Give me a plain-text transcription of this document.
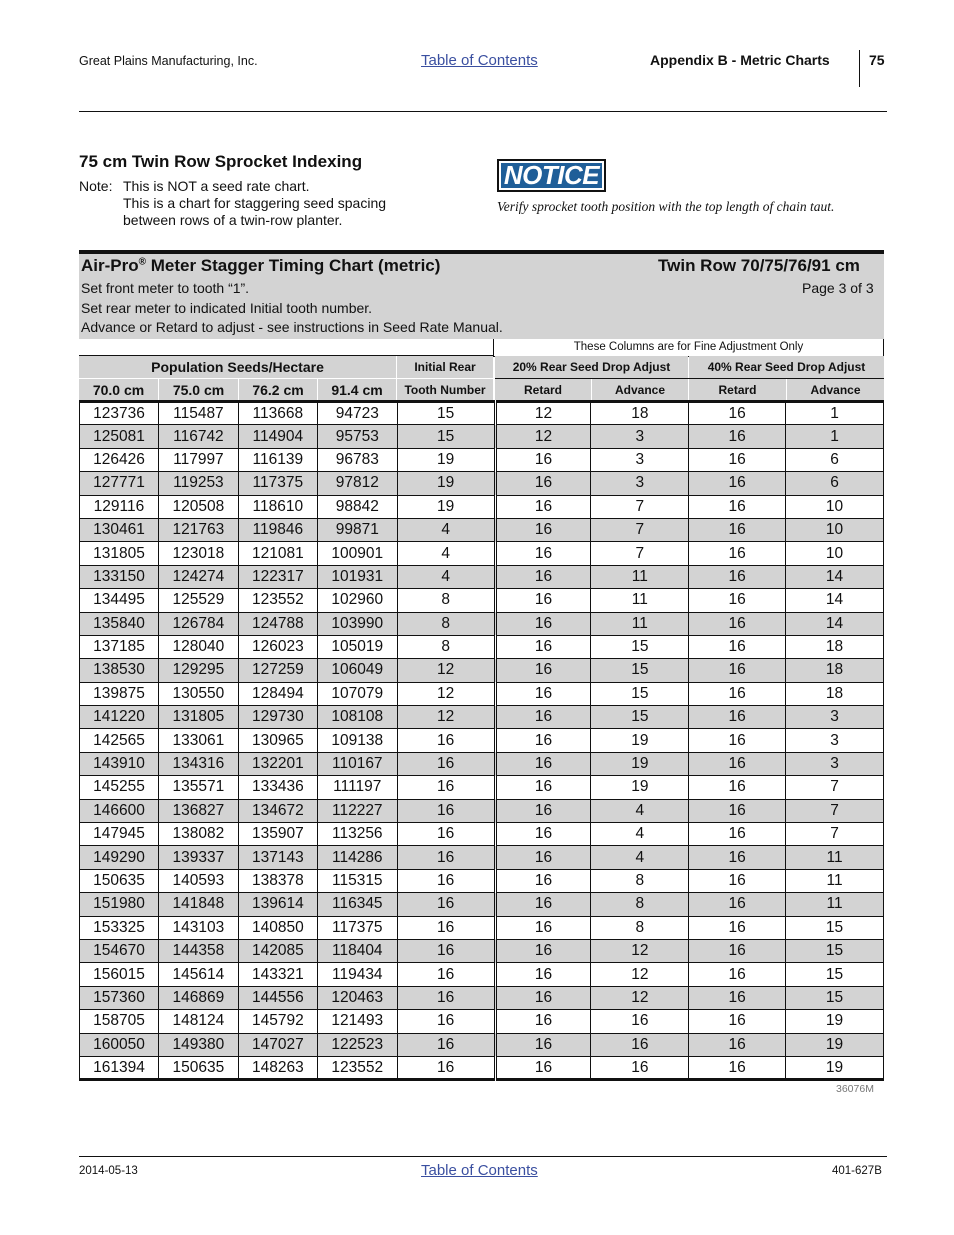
Great Plains Manufacturing, Inc.	Table of Contents	Appendix B - Metric Charts	75
75 cm Twin Row Sprocket Indexing
Note: This is NOT a seed rate chart.
This is a chart for staggering seed spacing
between rows of a twin-row planter.
NOTICE
Verify sprocket tooth position with the top length of chain taut.
Air-Pro® Meter Stagger Timing Chart (metric)	Twin Row 70/75/76/91 cm
Set front meter to tooth “1”.	Page 3 of 3
Set rear meter to indicated Initial tooth number.
Advance or Retard to adjust - see instructions in Seed Rate Manual.
These Columns are for Fine Adjustment Only
Population Seeds/Hectare	Initial Rear	20% Rear Seed Drop Adjust	40% Rear Seed Drop Adjust
70.0 cm	75.0 cm	76.2 cm	91.4 cm	Tooth Number	Retard	Advance	Retard	Advance
123736	115487	113668	94723	15	12	18	16	1
125081	116742	114904	95753	15	12	3	16	1
126426	117997	116139	96783	19	16	3	16	6
127771	119253	117375	97812	19	16	3	16	6
129116	120508	118610	98842	19	16	7	16	10
130461	121763	119846	99871	4	16	7	16	10
131805	123018	121081	100901	4	16	7	16	10
133150	124274	122317	101931	4	16	11	16	14
134495	125529	123552	102960	8	16	11	16	14
135840	126784	124788	103990	8	16	11	16	14
137185	128040	126023	105019	8	16	15	16	18
138530	129295	127259	106049	12	16	15	16	18
139875	130550	128494	107079	12	16	15	16	18
141220	131805	129730	108108	12	16	15	16	3
142565	133061	130965	109138	16	16	19	16	3
143910	134316	132201	110167	16	16	19	16	3
145255	135571	133436	111197	16	16	19	16	7
146600	136827	134672	112227	16	16	4	16	7
147945	138082	135907	113256	16	16	4	16	7
149290	139337	137143	114286	16	16	4	16	11
150635	140593	138378	115315	16	16	8	16	11
151980	141848	139614	116345	16	16	8	16	11
153325	143103	140850	117375	16	16	8	16	15
154670	144358	142085	118404	16	16	12	16	15
156015	145614	143321	119434	16	16	12	16	15
157360	146869	144556	120463	16	16	12	16	15
158705	148124	145792	121493	16	16	16	16	19
160050	149380	147027	122523	16	16	16	16	19
161394	150635	148263	123552	16	16	16	16	19
36076M
2014-05-13	Table of Contents	401-627B
